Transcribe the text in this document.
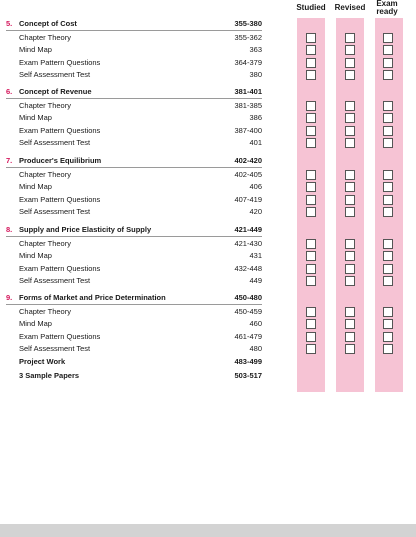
Studied Revised	Exam
ready
5. Concept of Cost	355-380
Chapter Theory	355-362
Mind Map	363
Exam Pattern Questions	364-379
Self Assessment Test	380
6. Concept of Revenue	381-401
Chapter Theory	381-385
Mind Map	386
Exam Pattern Questions	387-400
Self Assessment Test	401
7. Producer's Equilibrium	402-420
Chapter Theory	402-405
Mind Map	406
Exam Pattern Questions	407-419
Self Assessment Test	420
8. Supply and Price Elasticity of Supply	421-449
Chapter Theory	421-430
Mind Map	431
Exam Pattern Questions	432-448
Self Assessment Test	449
9. Forms of Market and Price Determination	450-480
Chapter Theory	450-459
Mind Map	460
Exam Pattern Questions	461-479
Self Assessment Test	480
Project Work	483-499
3 Sample Papers	503-517
